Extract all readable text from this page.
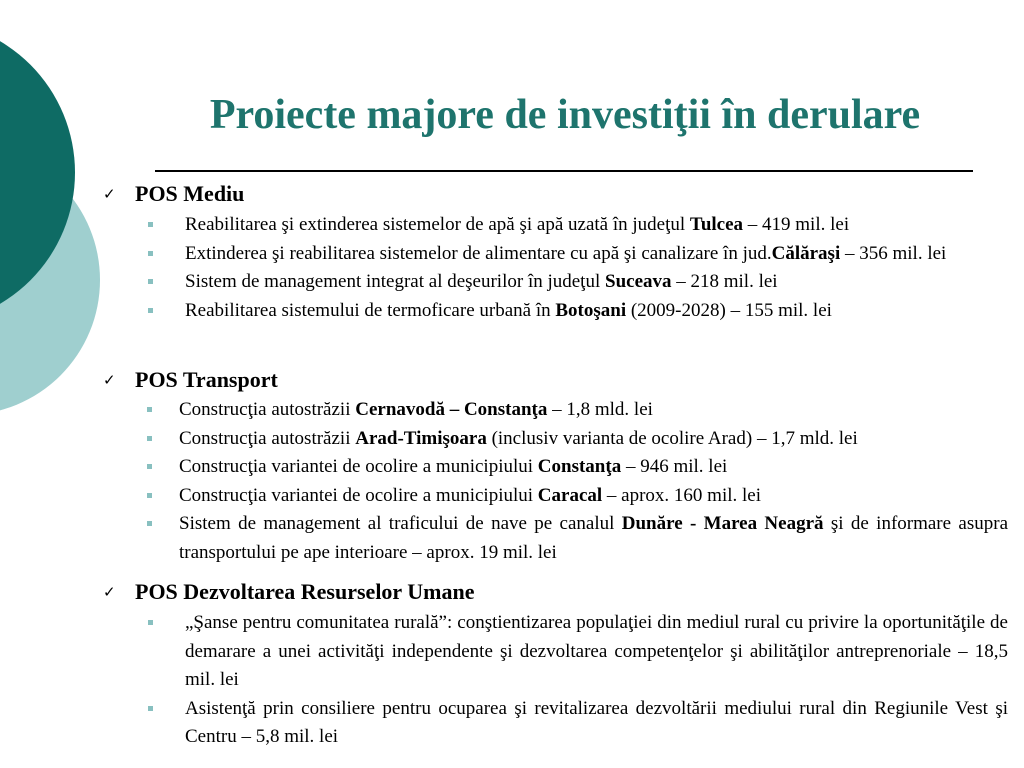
Proiecte majore de investiţii în derulare
✓ POS Mediu
Reabilitarea şi extinderea sistemelor de apă şi apă uzată în judeţul Tulcea – 419 mil. lei
Extinderea şi reabilitarea sistemelor de alimentare cu apă şi canalizare în jud.Călăraşi – 356 mil. lei
Sistem de management integrat al deşeurilor în judeţul Suceava – 218 mil. lei
Reabilitarea sistemului de termoficare urbană în Botoşani (2009-2028) – 155 mil. lei
✓ POS Transport
Construcţia autostrăzii Cernavodă – Constanţa – 1,8 mld. lei
Construcţia autostrăzii Arad-Timişoara (inclusiv varianta de ocolire Arad) – 1,7 mld. lei
Construcţia variantei de ocolire a municipiului Constanţa – 946 mil. lei
Construcţia variantei de ocolire a municipiului Caracal – aprox. 160 mil. lei
Sistem de management al traficului de nave pe canalul Dunăre - Marea Neagră şi de informare asupra transportului pe ape interioare – aprox. 19 mil. lei
✓ POS Dezvoltarea Resurselor Umane
„Şanse pentru comunitatea rurală”: conştientizarea populaţiei din mediul rural cu privire la oportunităţile de demarare a unei activităţi independente şi dezvoltarea competenţelor şi abilităţilor antreprenoriale – 18,5 mil. lei
Asistenţă prin consiliere pentru ocuparea şi revitalizarea dezvoltării mediului rural din Regiunile Vest şi Centru – 5,8 mil. lei
